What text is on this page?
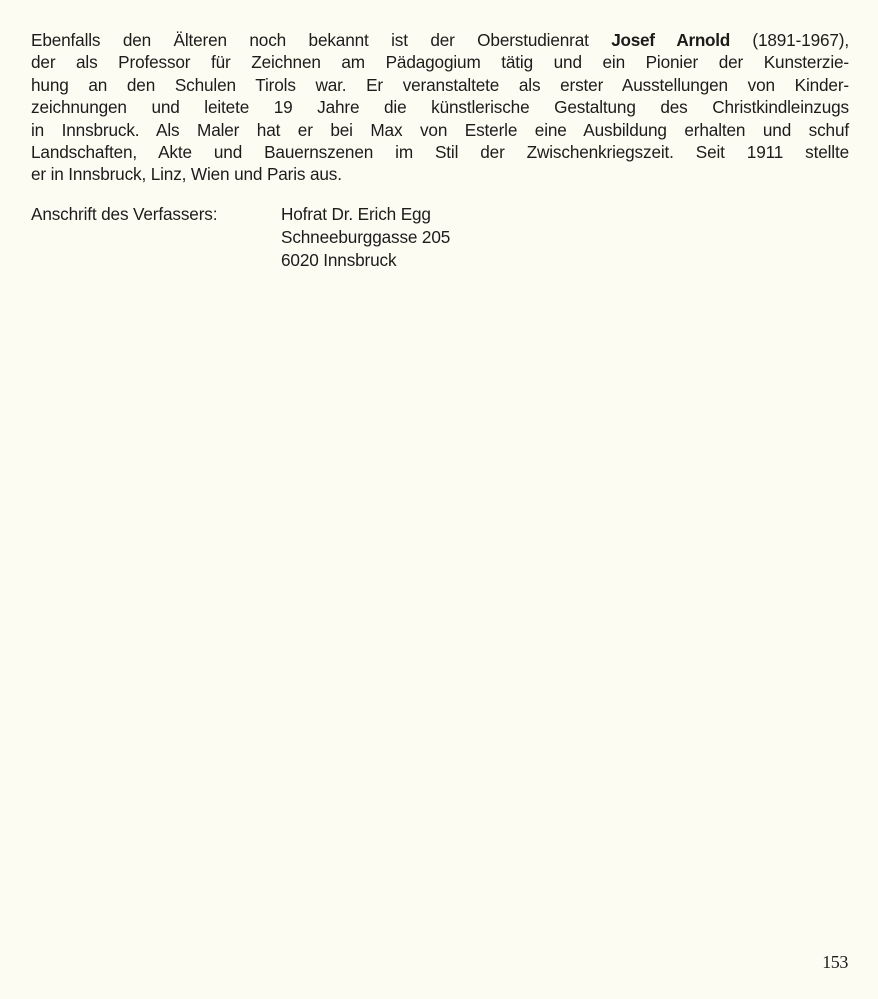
Ebenfalls den Älteren noch bekannt ist der Oberstudienrat Josef Arnold (1891-1967),
der als Professor für Zeichnen am Pädagogium tätig und ein Pionier der Kunsterzie-
hung an den Schulen Tirols war. Er veranstaltete als erster Ausstellungen von Kinder-
zeichnungen und leitete 19 Jahre die künstlerische Gestaltung des Christkindleinzugs
in Innsbruck. Als Maler hat er bei Max von Esterle eine Ausbildung erhalten und schuf
Landschaften, Akte und Bauernszenen im Stil der Zwischenkriegszeit. Seit 1911 stellte
er in Innsbruck, Linz, Wien und Paris aus.
Anschrift des Verfassers:	Hofrat Dr. Erich Egg
Schneeburggasse 205
6020 Innsbruck
153
